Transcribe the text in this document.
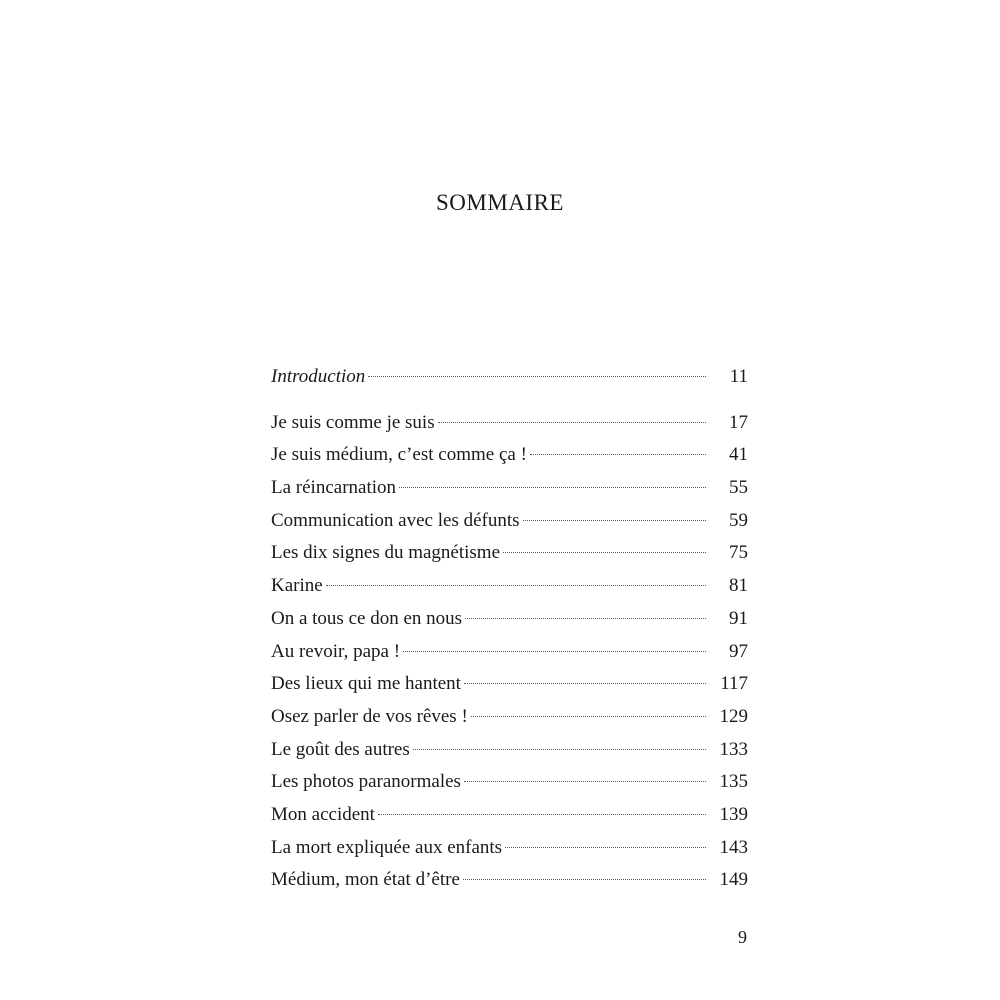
SOMMAIRE
Introduction	11
Je suis comme je suis	17
Je suis médium, c’est comme ça !	41
La réincarnation	55
Communication avec les défunts	59
Les dix signes du magnétisme	75
Karine	81
On a tous ce don en nous	91
Au revoir, papa !	97
Des lieux qui me hantent	117
Osez parler de vos rêves !	129
Le goût des autres	133
Les photos paranormales	135
Mon accident	139
La mort expliquée aux enfants	143
Médium, mon état d’être	149
9
